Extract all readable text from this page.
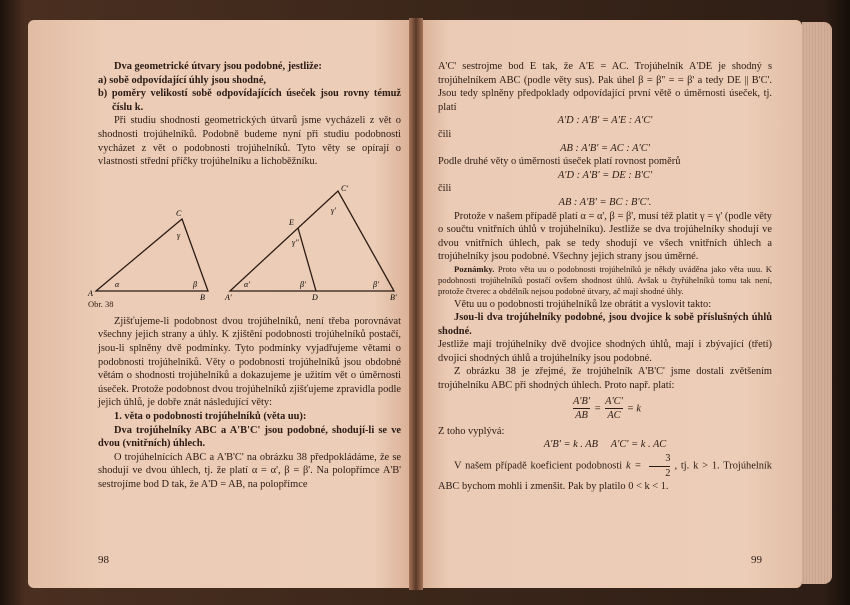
Dva geometrické útvary jsou podobné, jestliže:
a) sobě odpovídající úhly jsou shodné,
b) poměry velikostí sobě odpovídajících úseček jsou rovny témuž číslu k.
Při studiu shodnosti geometrických útvarů jsme vycházeli z vět o shodnosti trojúhelníků. Podobně budeme nyní při studiu podobnosti vycházet z vět o podobnosti trojúhelníků. Tyto věty se opírají o vlastnosti střední příčky trojúhelníku a lichoběžníku.
A	B
C
α	β
γ
A'	B'
C'
D
E
α'	β'	β'
γ'
γ''
Obr. 38
Zjišťujeme-li podobnost dvou trojúhelníků, není třeba porovnávat všechny jejich strany a úhly. K zjištění podobnosti trojúhelníků postačí, jsou-li splněny dvě podmínky. Tyto podmínky vyjadřujeme větami o podobnosti trojúhelníků. Věty o podobnosti trojúhelníků jsou obdobné větám o shodnosti trojúhelníků a dokazujeme je užitím vět o úměrnosti úseček. Protože podobnost dvou trojúhelníků zjišťujeme zpravidla podle jejich úhlů, je dobře znát následující věty:
1. věta o podobnosti trojúhelníků (věta uu):
Dva trojúhelníky ABC a A'B'C' jsou podobné, shodují-li se ve dvou (vnitřních) úhlech.
O trojúhelnících ABC a A'B'C' na obrázku 38 předpokládáme, že se shodují ve dvou úhlech, tj. že platí α = α', β = β'. Na polopřímce A'B' sestrojíme bod D tak, že A'D = AB, na polopřímce
98
A'C' sestrojme bod E tak, že A'E = AC. Trojúhelník A'DE je shodný s trojúhelníkem ABC (podle věty sus). Pak úhel β = β'' = = β' a tedy DE || B'C'. Jsou tedy splněny předpoklady odpovídající první větě o úměrnosti úseček, tj. platí
A'D : A'B' = A'E : A'C'
čili
AB : A'B' = AC : A'C'
Podle druhé věty o úměrnosti úseček platí rovnost poměrů
A'D : A'B' = DE : B'C'
čili
AB : A'B' = BC : B'C'.
Protože v našem případě platí α = α', β = β', musí též platit γ = γ' (podle věty o součtu vnitřních úhlů v trojúhelníku). Jestliže se dva trojúhelníky shodují ve dvou vnitřních úhlech, pak se tedy shodují ve všech vnitřních úhlech a trojúhelníky jsou podobné. Všechny jejich strany jsou úměrné.
Poznámky. Proto věta uu o podobnosti trojúhelníků je někdy uváděna jako věta uuu. K podobnosti trojúhelníků postačí ovšem shodnost úhlů. Avšak u čtyřúhelníků tomu tak není, protože čtverec a obdélník nejsou podobné útvary, ač mají shodné úhly.
Větu uu o podobnosti trojúhelníků lze obrátit a vyslovit takto:
Jsou-li dva trojúhelníky podobné, jsou dvojice k sobě příslušných úhlů shodné.
Jestliže mají trojúhelníky dvě dvojice shodných úhlů, mají i zbývající (třetí) dvojici shodných úhlů a trojúhelníky jsou podobné.
Z obrázku 38 je zřejmé, že trojúhelník A'B'C' jsme dostali zvětšením trojúhelníku ABC při shodných úhlech. Proto např. platí:
$\frac{A'B'}{AB} = \frac{A'C'}{AC} = k$
Z toho vyplývá:
A'B' = k . AB     A'C' = k . AC
V našem případě koeficient podobnosti $k = \frac{3}{2}$ , tj. k > 1. Trojúhelník ABC bychom mohli i zmenšit. Pak by platilo 0 < k < 1.
99
